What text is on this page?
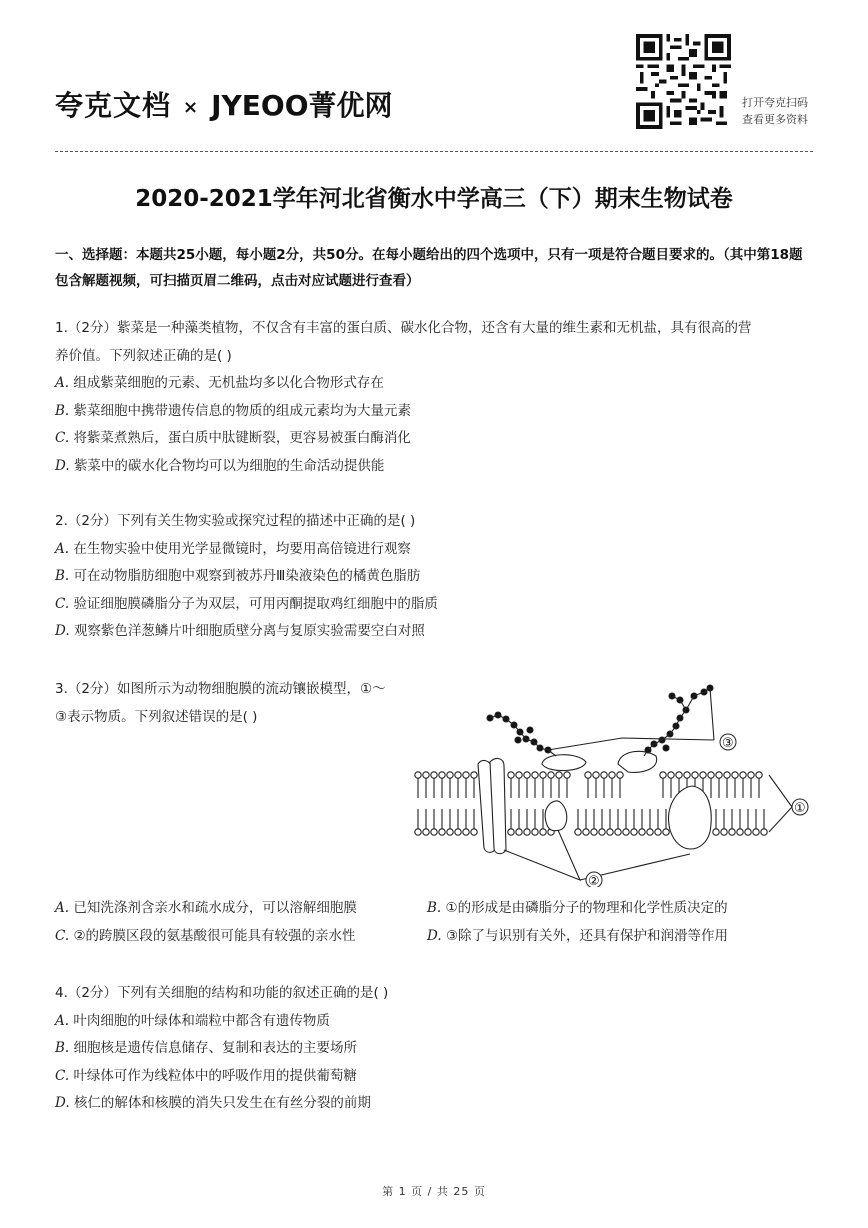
夸克文档 × JYEOO菁优网	打开夸克扫码
查看更多资料
2020-2021学年河北省衡水中学高三（下）期末生物试卷
一、选择题：本题共25小题，每小题2分，共50分。在每小题给出的四个选项中，只有一项是符合题目要求的。（其中第18题包含解题视频，可扫描页眉二维码，点击对应试题进行查看）

1.（2分）紫菜是一种藻类植物，不仅含有丰富的蛋白质、碳水化合物，还含有大量的维生素和无机盐，具有很高的营

养价值。下列叙述正确的是( )

A. 组成紫菜细胞的元素、无机盐均多以化合物形式存在

B. 紫菜细胞中携带遗传信息的物质的组成元素均为大量元素

C. 将紫菜煮熟后，蛋白质中肽键断裂，更容易被蛋白酶消化

D. 紫菜中的碳水化合物均可以为细胞的生命活动提供能

2.（2分）下列有关生物实验或探究过程的描述中正确的是( )

A. 在生物实验中使用光学显微镜时，均要用高倍镜进行观察

B. 可在动物脂肪细胞中观察到被苏丹Ⅲ染液染色的橘黄色脂肪

C. 验证细胞膜磷脂分子为双层，可用丙酮提取鸡红细胞中的脂质

D. 观察紫色洋葱鳞片叶细胞质壁分离与复原实验需要空白对照

3.（2分）如图所示为动物细胞膜的流动镶嵌模型，①～

③表示物质。下列叙述错误的是( )

①
②
③

A. 已知洗涤剂含亲水和疏水成分，可以溶解细胞膜	B. ①的形成是由磷脂分子的物理和化学性质决定的

C. ②的跨膜区段的氨基酸很可能具有较强的亲水性	D. ③除了与识别有关外，还具有保护和润滑等作用

4.（2分）下列有关细胞的结构和功能的叙述正确的是( )

A. 叶肉细胞的叶绿体和端粒中都含有遗传物质

B. 细胞核是遗传信息储存、复制和表达的主要场所

C. 叶绿体可作为线粒体中的呼吸作用的提供葡萄糖

D. 核仁的解体和核膜的消失只发生在有丝分裂的前期

第 1 页 / 共 25 页
